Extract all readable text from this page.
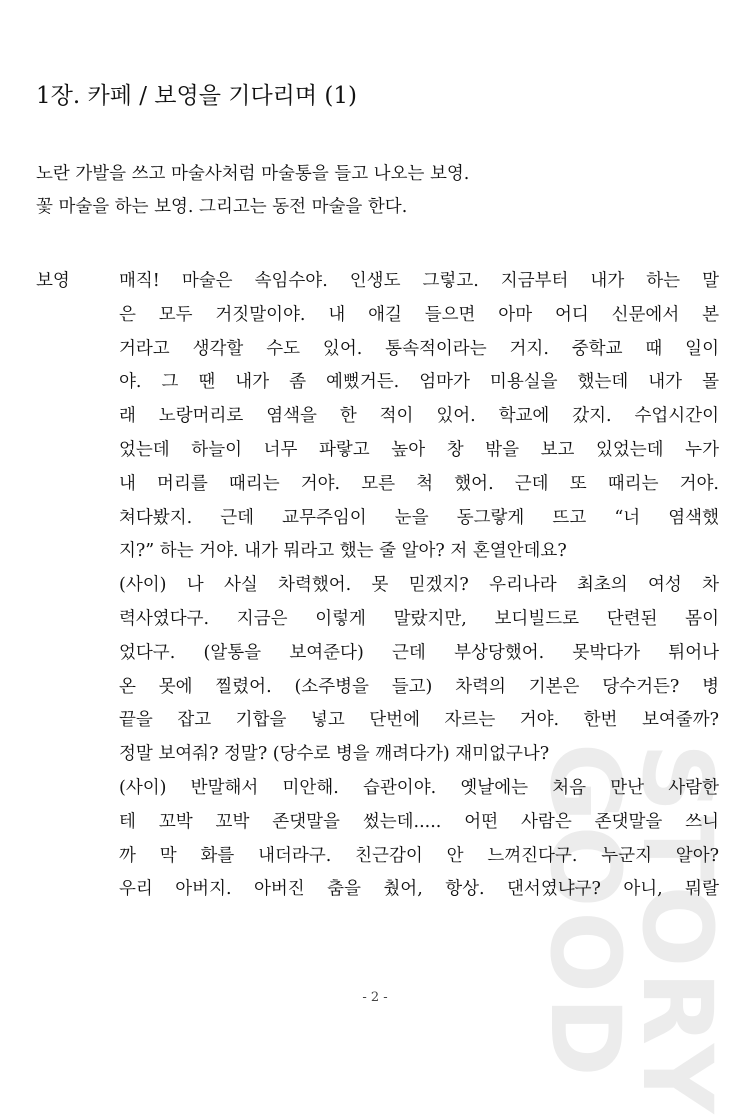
STORY
GOOD
1장. 카페 / 보영을 기다리며 (1)
노란 가발을 쓰고 마술사처럼 마술통을 들고 나오는 보영.
꽃 마술을 하는 보영. 그리고는 동전 마술을 한다.
보영	매직! 마술은 속임수야. 인생도 그렇고. 지금부터 내가 하는 말
은 모두 거짓말이야. 내 애길 들으면 아마 어디 신문에서 본
거라고 생각할 수도 있어. 통속적이라는 거지. 중학교 때 일이
야. 그 땐 내가 좀 예뻤거든. 엄마가 미용실을 했는데 내가 몰
래 노랑머리로 염색을 한 적이 있어. 학교에 갔지. 수업시간이
었는데 하늘이 너무 파랗고 높아 창 밖을 보고 있었는데 누가
내 머리를 때리는 거야. 모른 척 했어. 근데 또 때리는 거야.
쳐다봤지. 근데 교무주임이 눈을 동그랗게 뜨고 “너 염색했
지?” 하는 거야. 내가 뭐라고 했는 줄 알아? 저 혼열안데요?
(사이) 나 사실 차력했어. 못 믿겠지? 우리나라 최초의 여성 차
력사였다구. 지금은 이렇게 말랐지만, 보디빌드로 단련된 몸이
었다구. (알통을 보여준다) 근데 부상당했어. 못박다가 튀어나
온 못에 찔렸어. (소주병을 들고) 차력의 기본은 당수거든? 병
끝을 잡고 기합을 넣고 단번에 자르는 거야. 한번 보여줄까?
정말 보여줘? 정말? (당수로 병을 깨려다가) 재미없구나?
(사이) 반말해서 미안해. 습관이야. 옛날에는 처음 만난 사람한
테 꼬박 꼬박 존댓말을 썼는데..... 어떤 사람은 존댓말을 쓰니
까 막 화를 내더라구. 친근감이 안 느껴진다구. 누군지 알아?
우리 아버지. 아버진 춤을 췄어, 항상. 댄서였냐구? 아니, 뭐랄
- 2 -
